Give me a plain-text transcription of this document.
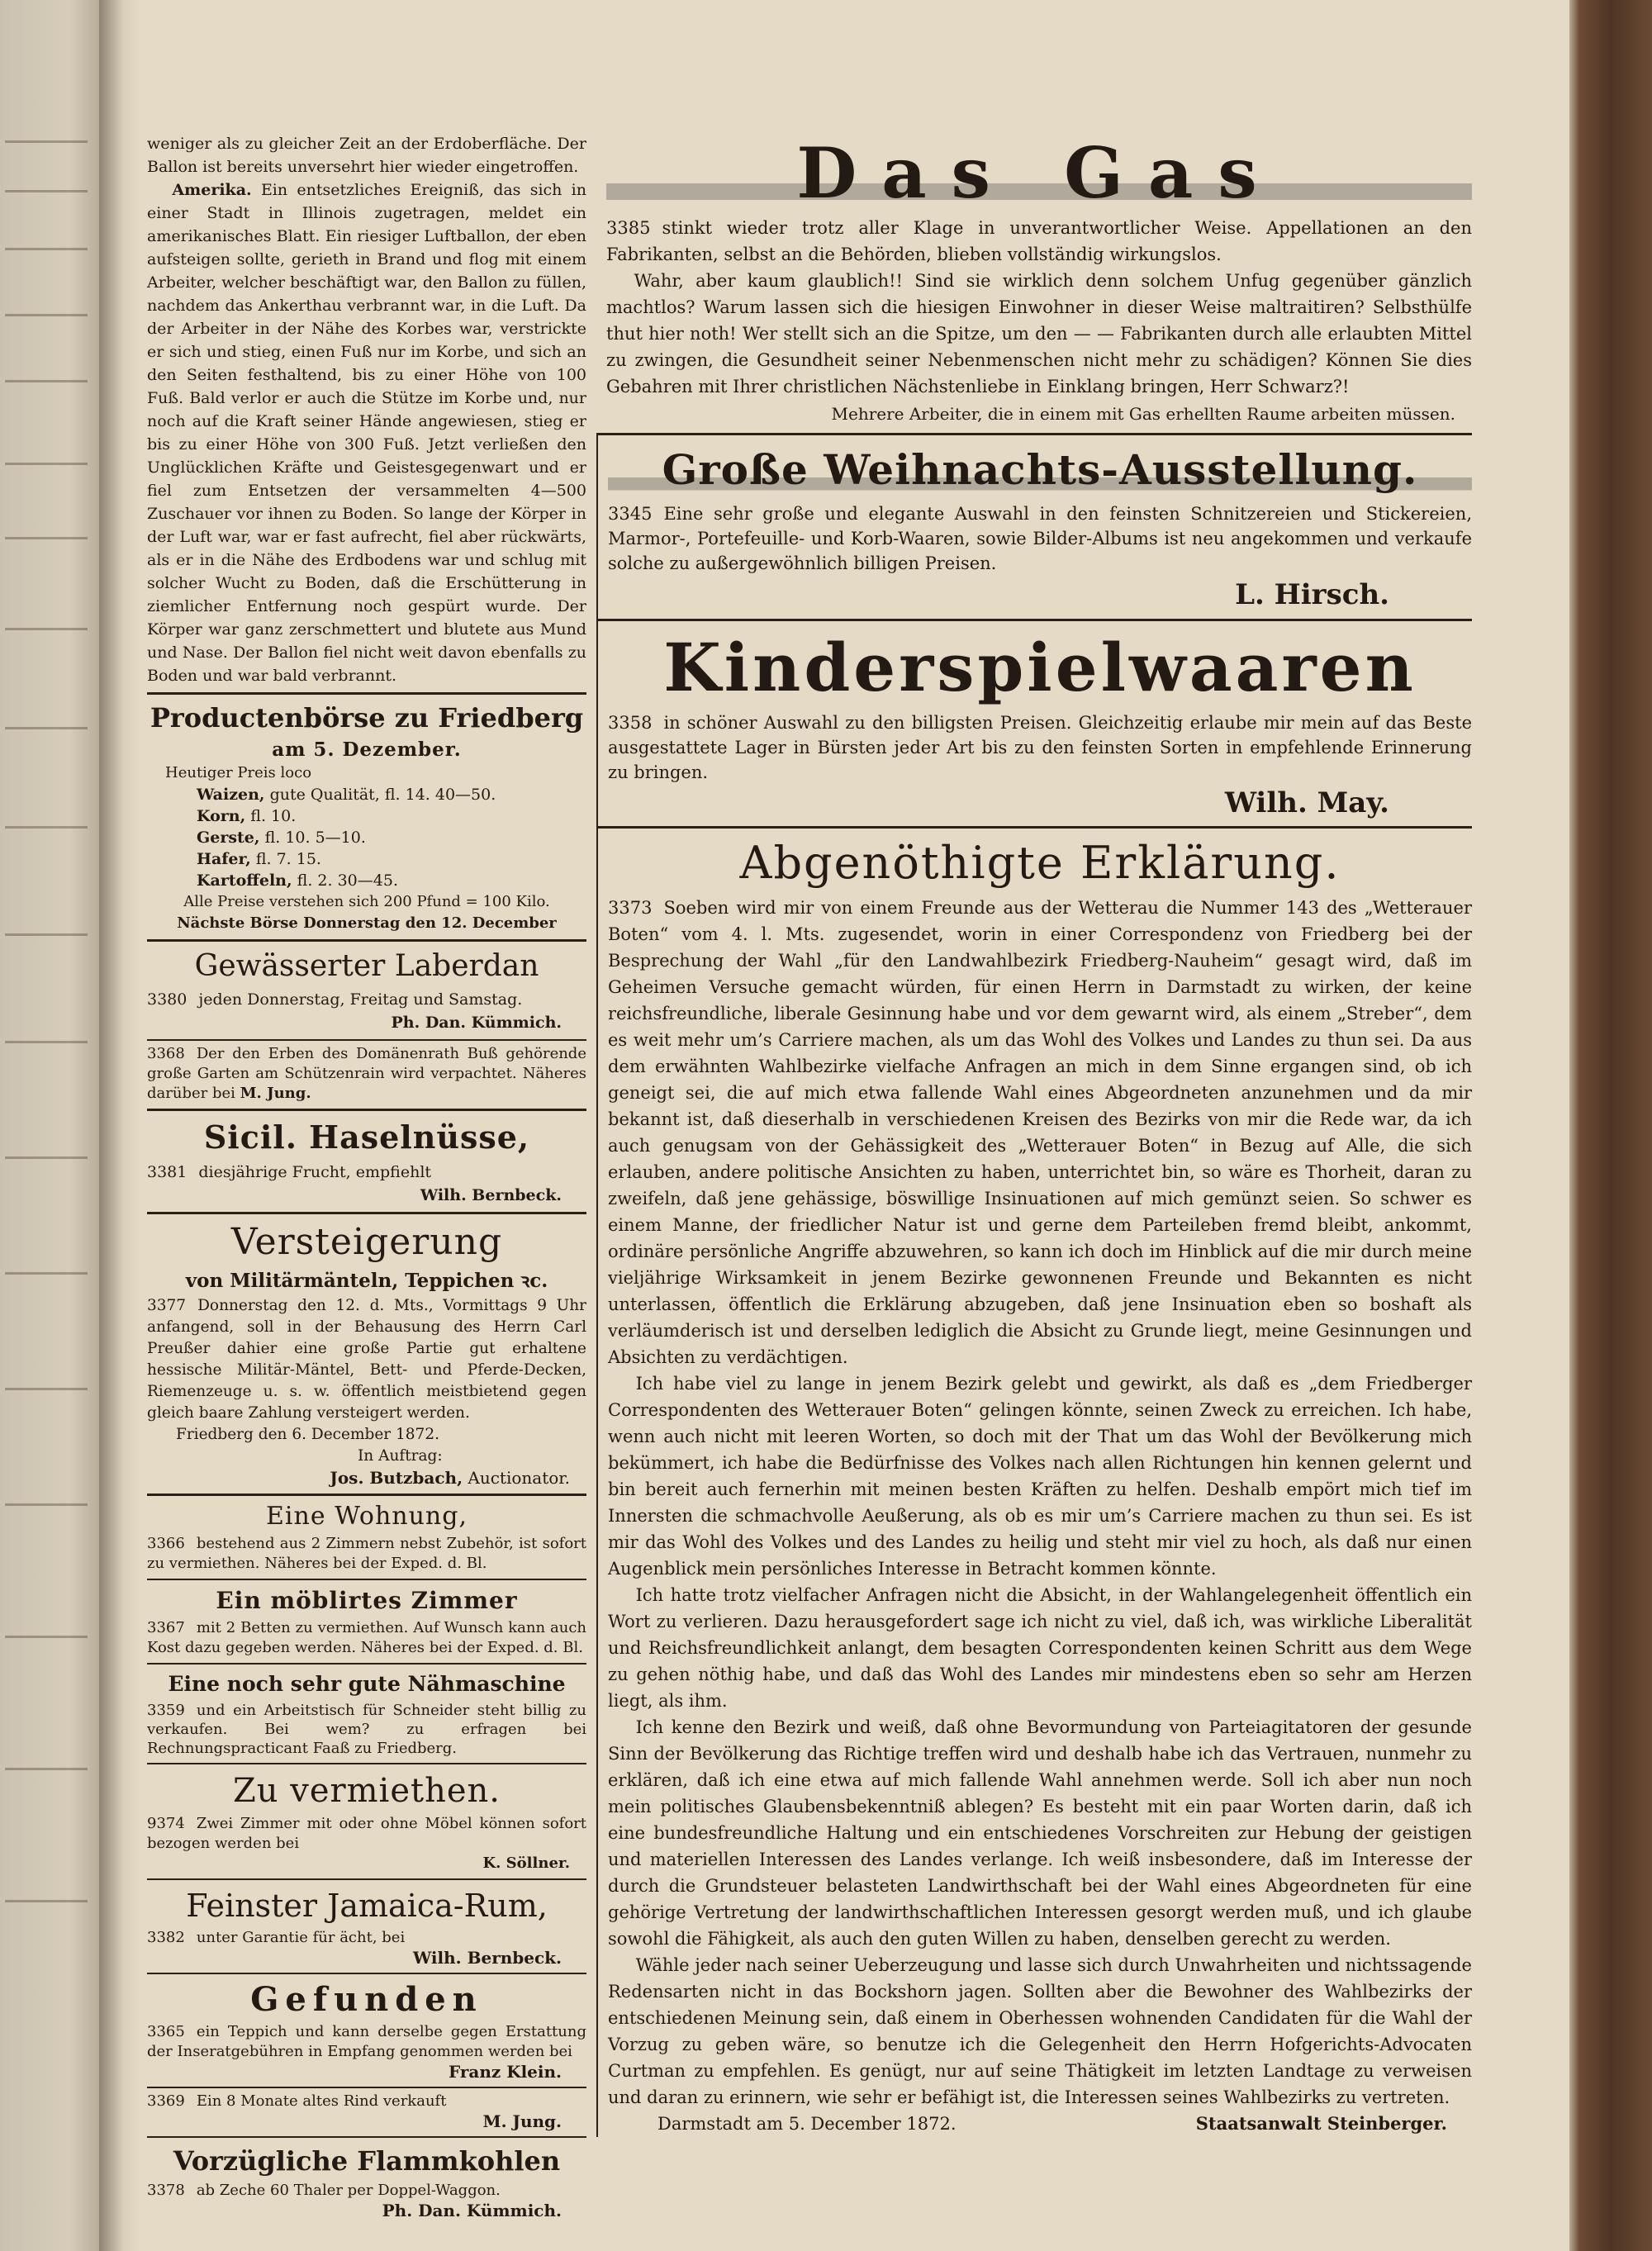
weniger als zu gleicher Zeit an der Erdoberfläche. Der Ballon ist bereits unversehrt hier wieder eingetroffen.

Amerika. Ein entsetzliches Ereigniß, das sich in einer Stadt in Illinois zugetragen, meldet ein amerikanisches Blatt. Ein riesiger Luftballon, der eben aufsteigen sollte, gerieth in Brand und flog mit einem Arbeiter, welcher beschäftigt war, den Ballon zu füllen, nachdem das Ankerthau verbrannt war, in die Luft. Da der Arbeiter in der Nähe des Korbes war, verstrickte er sich und stieg, einen Fuß nur im Korbe, und sich an den Seiten festhaltend, bis zu einer Höhe von 100 Fuß. Bald verlor er auch die Stütze im Korbe und, nur noch auf die Kraft seiner Hände angewiesen, stieg er bis zu einer Höhe von 300 Fuß. Jetzt verließen den Unglücklichen Kräfte und Geistesgegenwart und er fiel zum Entsetzen der versammelten 4—500 Zuschauer vor ihnen zu Boden. So lange der Körper in der Luft war, war er fast aufrecht, fiel aber rückwärts, als er in die Nähe des Erdbodens war und schlug mit solcher Wucht zu Boden, daß die Erschütterung in ziemlicher Entfernung noch gespürt wurde. Der Körper war ganz zerschmettert und blutete aus Mund und Nase. Der Ballon fiel nicht weit davon ebenfalls zu Boden und war bald verbrannt.

Productenbörse zu Friedberg
am 5. Dezember.
Heutiger Preis loco
Waizen, gute Qualität, fl. 14. 40—50.
Korn, fl. 10.
Gerste, fl. 10. 5—10.
Hafer, fl. 7. 15.
Kartoffeln, fl. 2. 30—45.
Alle Preise verstehen sich 200 Pfund = 100 Kilo.
Nächste Börse Donnerstag den 12. December
Gewässerter Laberdan

3380 jeden Donnerstag, Freitag und Samstag.

Ph. Dan. Kümmich.

3368 Der den Erben des Domänenrath Buß gehörende große Garten am Schützenrain wird verpachtet. Näheres darüber bei M. Jung.

Sicil. Haselnüsse,

3381 diesjährige Frucht, empfiehlt

Wilh. Bernbeck.
Versteigerung
von Militärmänteln, Teppichen ꝛc.

3377 Donnerstag den 12. d. Mts., Vormittags 9 Uhr anfangend, soll in der Behausung des Herrn Carl Preußer dahier eine große Partie gut erhaltene hessische Militär-Mäntel, Bett- und Pferde-Decken, Riemenzeuge u. s. w. öffentlich meistbietend gegen gleich baare Zahlung versteigert werden.

Friedberg den 6. December 1872.
In Auftrag:
Jos. Butzbach, Auctionator.
Eine Wohnung,

3366 bestehend aus 2 Zimmern nebst Zubehör, ist sofort zu vermiethen. Näheres bei der Exped. d. Bl.

Ein möblirtes Zimmer

3367 mit 2 Betten zu vermiethen. Auf Wunsch kann auch Kost dazu gegeben werden. Näheres bei der Exped. d. Bl.

Eine noch sehr gute Nähmaschine

3359 und ein Arbeitstisch für Schneider steht billig zu verkaufen. Bei wem? zu erfragen bei Rechnungspracticant Faaß zu Friedberg.

Zu vermiethen.

9374 Zwei Zimmer mit oder ohne Möbel können sofort bezogen werden bei

K. Söllner.
Feinster Jamaica-Rum,

3382 unter Garantie für ächt, bei

Wilh. Bernbeck.
Gefunden

3365 ein Teppich und kann derselbe gegen Erstattung der Inseratgebühren in Empfang genommen werden bei

Franz Klein.

3369 Ein 8 Monate altes Rind verkauft

M. Jung.
Vorzügliche Flammkohlen

3378 ab Zeche 60 Thaler per Doppel-Waggon.

Ph. Dan. Kümmich.
Das Gas

3385 stinkt wieder trotz aller Klage in unverantwortlicher Weise. Appellationen an den Fabrikanten, selbst an die Behörden, blieben vollständig wirkungslos.

Wahr, aber kaum glaublich!! Sind sie wirklich denn solchem Unfug gegenüber gänzlich machtlos? Warum lassen sich die hiesigen Einwohner in dieser Weise maltraitiren? Selbsthülfe thut hier noth! Wer stellt sich an die Spitze, um den — — Fabrikanten durch alle erlaubten Mittel zu zwingen, die Gesundheit seiner Nebenmenschen nicht mehr zu schädigen? Können Sie dies Gebahren mit Ihrer christlichen Nächstenliebe in Einklang bringen, Herr Schwarz?!

Mehrere Arbeiter, die in einem mit Gas erhellten Raume arbeiten müssen.
Große Weihnachts-Ausstellung.

3345 Eine sehr große und elegante Auswahl in den feinsten Schnitzereien und Stickereien, Marmor-, Portefeuille- und Korb-Waaren, sowie Bilder-Albums ist neu angekommen und verkaufe solche zu außergewöhnlich billigen Preisen.

L. Hirsch.
Kinderspielwaaren

3358 in schöner Auswahl zu den billigsten Preisen. Gleichzeitig erlaube mir mein auf das Beste ausgestattete Lager in Bürsten jeder Art bis zu den feinsten Sorten in empfehlende Erinnerung zu bringen.

Wilh. May.
Abgenöthigte Erklärung.

3373 Soeben wird mir von einem Freunde aus der Wetterau die Nummer 143 des „Wetterauer Boten“ vom 4. l. Mts. zugesendet, worin in einer Correspondenz von Friedberg bei der Besprechung der Wahl „für den Landwahlbezirk Friedberg-Nauheim“ gesagt wird, daß im Geheimen Versuche gemacht würden, für einen Herrn in Darmstadt zu wirken, der keine reichsfreundliche, liberale Gesinnung habe und vor dem gewarnt wird, als einem „Streber“, dem es weit mehr um’s Carriere machen, als um das Wohl des Volkes und Landes zu thun sei. Da aus dem erwähnten Wahlbezirke vielfache Anfragen an mich in dem Sinne ergangen sind, ob ich geneigt sei, die auf mich etwa fallende Wahl eines Abgeordneten anzunehmen und da mir bekannt ist, daß dieserhalb in verschiedenen Kreisen des Bezirks von mir die Rede war, da ich auch genugsam von der Gehässigkeit des „Wetterauer Boten“ in Bezug auf Alle, die sich erlauben, andere politische Ansichten zu haben, unterrichtet bin, so wäre es Thorheit, daran zu zweifeln, daß jene gehässige, böswillige Insinuationen auf mich gemünzt seien. So schwer es einem Manne, der friedlicher Natur ist und gerne dem Parteileben fremd bleibt, ankommt, ordinäre persönliche Angriffe abzuwehren, so kann ich doch im Hinblick auf die mir durch meine vieljährige Wirksamkeit in jenem Bezirke gewonnenen Freunde und Bekannten es nicht unterlassen, öffentlich die Erklärung abzugeben, daß jene Insinuation eben so boshaft als verläumderisch ist und derselben lediglich die Absicht zu Grunde liegt, meine Gesinnungen und Absichten zu verdächtigen.

Ich habe viel zu lange in jenem Bezirk gelebt und gewirkt, als daß es „dem Friedberger Correspondenten des Wetterauer Boten“ gelingen könnte, seinen Zweck zu erreichen. Ich habe, wenn auch nicht mit leeren Worten, so doch mit der That um das Wohl der Bevölkerung mich bekümmert, ich habe die Bedürfnisse des Volkes nach allen Richtungen hin kennen gelernt und bin bereit auch fernerhin mit meinen besten Kräften zu helfen. Deshalb empört mich tief im Innersten die schmachvolle Aeußerung, als ob es mir um’s Carriere machen zu thun sei. Es ist mir das Wohl des Volkes und des Landes zu heilig und steht mir viel zu hoch, als daß nur einen Augenblick mein persönliches Interesse in Betracht kommen könnte.

Ich hatte trotz vielfacher Anfragen nicht die Absicht, in der Wahlangelegenheit öffentlich ein Wort zu verlieren. Dazu herausgefordert sage ich nicht zu viel, daß ich, was wirkliche Liberalität und Reichsfreundlichkeit anlangt, dem besagten Correspondenten keinen Schritt aus dem Wege zu gehen nöthig habe, und daß das Wohl des Landes mir mindestens eben so sehr am Herzen liegt, als ihm.

Ich kenne den Bezirk und weiß, daß ohne Bevormundung von Parteiagitatoren der gesunde Sinn der Bevölkerung das Richtige treffen wird und deshalb habe ich das Vertrauen, nunmehr zu erklären, daß ich eine etwa auf mich fallende Wahl annehmen werde. Soll ich aber nun noch mein politisches Glaubensbekenntniß ablegen? Es besteht mit ein paar Worten darin, daß ich eine bundesfreundliche Haltung und ein entschiedenes Vorschreiten zur Hebung der geistigen und materiellen Interessen des Landes verlange. Ich weiß insbesondere, daß im Interesse der durch die Grundsteuer belasteten Landwirthschaft bei der Wahl eines Abgeordneten für eine gehörige Vertretung der landwirthschaftlichen Interessen gesorgt werden muß, und ich glaube sowohl die Fähigkeit, als auch den guten Willen zu haben, denselben gerecht zu werden.

Wähle jeder nach seiner Ueberzeugung und lasse sich durch Unwahrheiten und nichtssagende Redensarten nicht in das Bockshorn jagen. Sollten aber die Bewohner des Wahlbezirks der entschiedenen Meinung sein, daß einem in Oberhessen wohnenden Candidaten für die Wahl der Vorzug zu geben wäre, so benutze ich die Gelegenheit den Herrn Hofgerichts-Advocaten Curtman zu empfehlen. Es genügt, nur auf seine Thätigkeit im letzten Landtage zu verweisen und daran zu erinnern, wie sehr er befähigt ist, die Interessen seines Wahlbezirks zu vertreten.

Darmstadt am 5. December 1872.	Staatsanwalt Steinberger.
